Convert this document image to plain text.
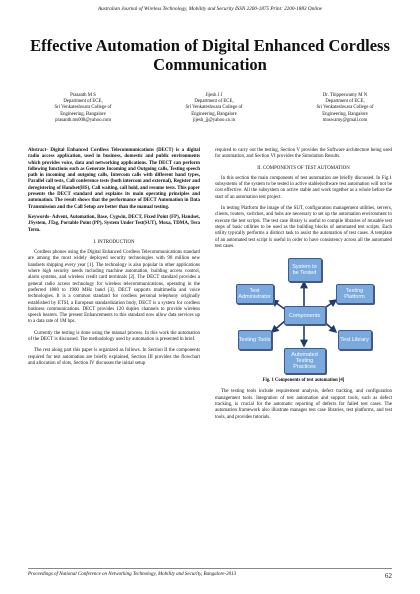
Australian Journal of Wireless Technology, Mobility and Security ISSN 2200-1875 Print: 2200-1883 Online
Effective Automation of Digital Enhanced Cordless Communication
Prasanth M S
Department of ECE,
Sri Venkateshwara College of
Engineering, Bangalore
prasanth.ms008@yahoo.com
Jijesh J J
Department of ECE,
Sri Venkateshwara College of
Engineering, Bangalore
jijesh_jj@yahoo.co.in
Dr. Thippeswamy M N
Department of ECE,
Sri Venkateshwara College of
Engineering, Bangalore
mnswamy@gmail.com
Abstract- Digital Enhanced Cordless Telecommunications (DECT) is a digital radio access application, used in business, domestic and public environments which provides voice, data and networking applications. The DECT can perform following functions such as Generate Incoming and Outgoing calls, Testing speech path in incoming and outgoing calls, Intercom calls with different hand types, Parallel call tests, Call conference tests (both intercom and external), Register and deregistering of Handset(HS), Call waiting, call hold, and resume tests. This paper presents the DECT standard and explains its main operating principles and automation. The result shows that the performance of DECT Automation in Data Transmission and the Call Setup are better than the manual testing.
Keywords- Advent, Automation, Base, Cygwin, DECT, Fixed Point (FP), Handset, JSystem, JTag, Portable Point (PP), System Under Test(SUT), Moxa, TDMA, Tera Term.
I. INTRODUCTION

Cordless phones using the Digital Enhanced Cordless Telecommunications standard are among the most widely deployed security technologies with 90 million new handsets shipping every year [1]. The technology is also popular in other applications where high security needs including machine automation, building access control, alarm systems, and wireless credit card terminals [2]. The DECT standard provides a general radio access technology for wireless telecommunications, operating in the preferred 1880 to 1900 MHz band [3]. DECT supports multimedia and voice technologies. It is a common standard for cordless personal telephony originally established by ETSI, a European standardization body, DECT is a system for cordless business communications. DECT provides 120 duplex channels to provide wireless speech bearers. The present Enhancements to this standard now allow data services up to a data rate of 1M bps.

Currently the testing is done using the manual process. In this work the automation of the DECT is discussed. The methodology used by automation is presented in brief.

The rest along part this paper is organized as follows. In Section II the components required for test automation are briefly explained, Section III provides the flowchart and allocation of slots, Section IV discusses the initial setup

required to carry out the testing, Section V provides the Software architecture being used for automation, and Section VI provides the Simulation Results.

II. COMPONENTS OF TEST AUTOMATION

In this section the main components of test automation are briefly discussed. In Fig.1 subsystems of the system to be tested in active stable(software test automation will not be cost effective. All the subsystem on active stable and work together as a whole before the start of an automation test project.

In testing Platform the image of the SUT, configuration management utilities, servers, clients, routers, switches, and hubs are necessary to set up the automation environment to execute the test scripts. The test case library is useful to compile libraries of reusable test steps of basic utilities to be used as the building blocks of automated test scripts. Each utility typically performs a distinct task to assist the automation of test cases. A template of an automated test script is useful in order to have consistency across all the automated test cases.

Components
System to be Tested
Test Administrator
Testing Platform
Testing Tools	Test Library
Automated Testing Practices
Fig. 1 Components of test automation [4]

The testing tools include requirement analysis, defect tracking, and configuration management tools. Integration of test automation and support tools, such as defect tracking, is crucial for the automatic reporting of defects for failed test cases. The automation framework also illustrate manages test case libraries, test platforms, and test tools, and provides tutorials.

Proceedings of National Conference on Networking Technology, Mobility and Security, Bangalore-2013	62
